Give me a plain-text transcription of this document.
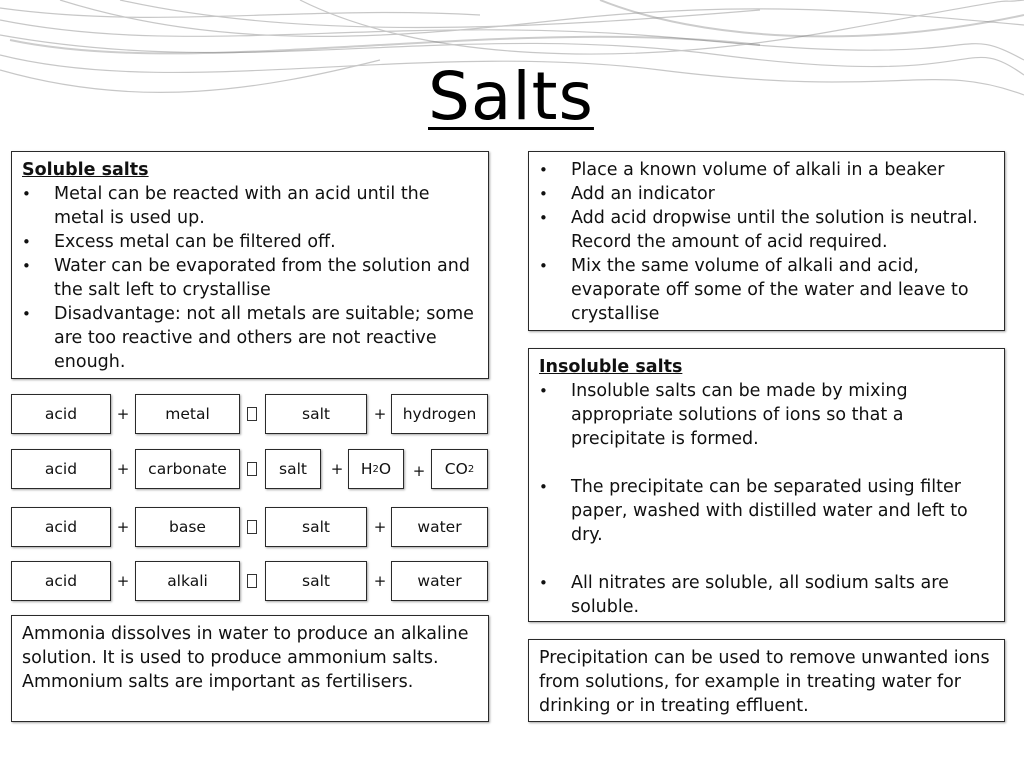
Salts
Soluble salts
• Metal can be reacted with an acid until the metal is used up.
• Excess metal can be filtered off.
• Water can be evaporated from the solution and the salt left to crystallise
• Disadvantage: not all metals are suitable; some are too reactive and others are not reactive enough.
• Place a known volume of alkali in a beaker
• Add an indicator
• Add acid dropwise until the solution is neutral. Record the amount of acid required.
• Mix the same volume of alkali and acid, evaporate off some of the water and leave to crystallise
Insoluble salts
• Insoluble salts can be made by mixing appropriate solutions of ions so that a precipitate is formed.
• The precipitate can be separated using filter paper, washed with distilled water and left to dry.
• All nitrates are soluble, all sodium salts are soluble.
acid	+	metal	salt	+	hydrogen
acid	+	carbonate	salt	+ H 2 O + CO 2
acid	+	base	salt	+	water
acid	+	alkali	salt	+	water
Ammonia dissolves in water to produce an alkaline solution. It is used to produce ammonium salts. Ammonium salts are important as fertilisers.
Precipitation can be used to remove unwanted ions from solutions, for example in treating water for drinking or in treating effluent.
